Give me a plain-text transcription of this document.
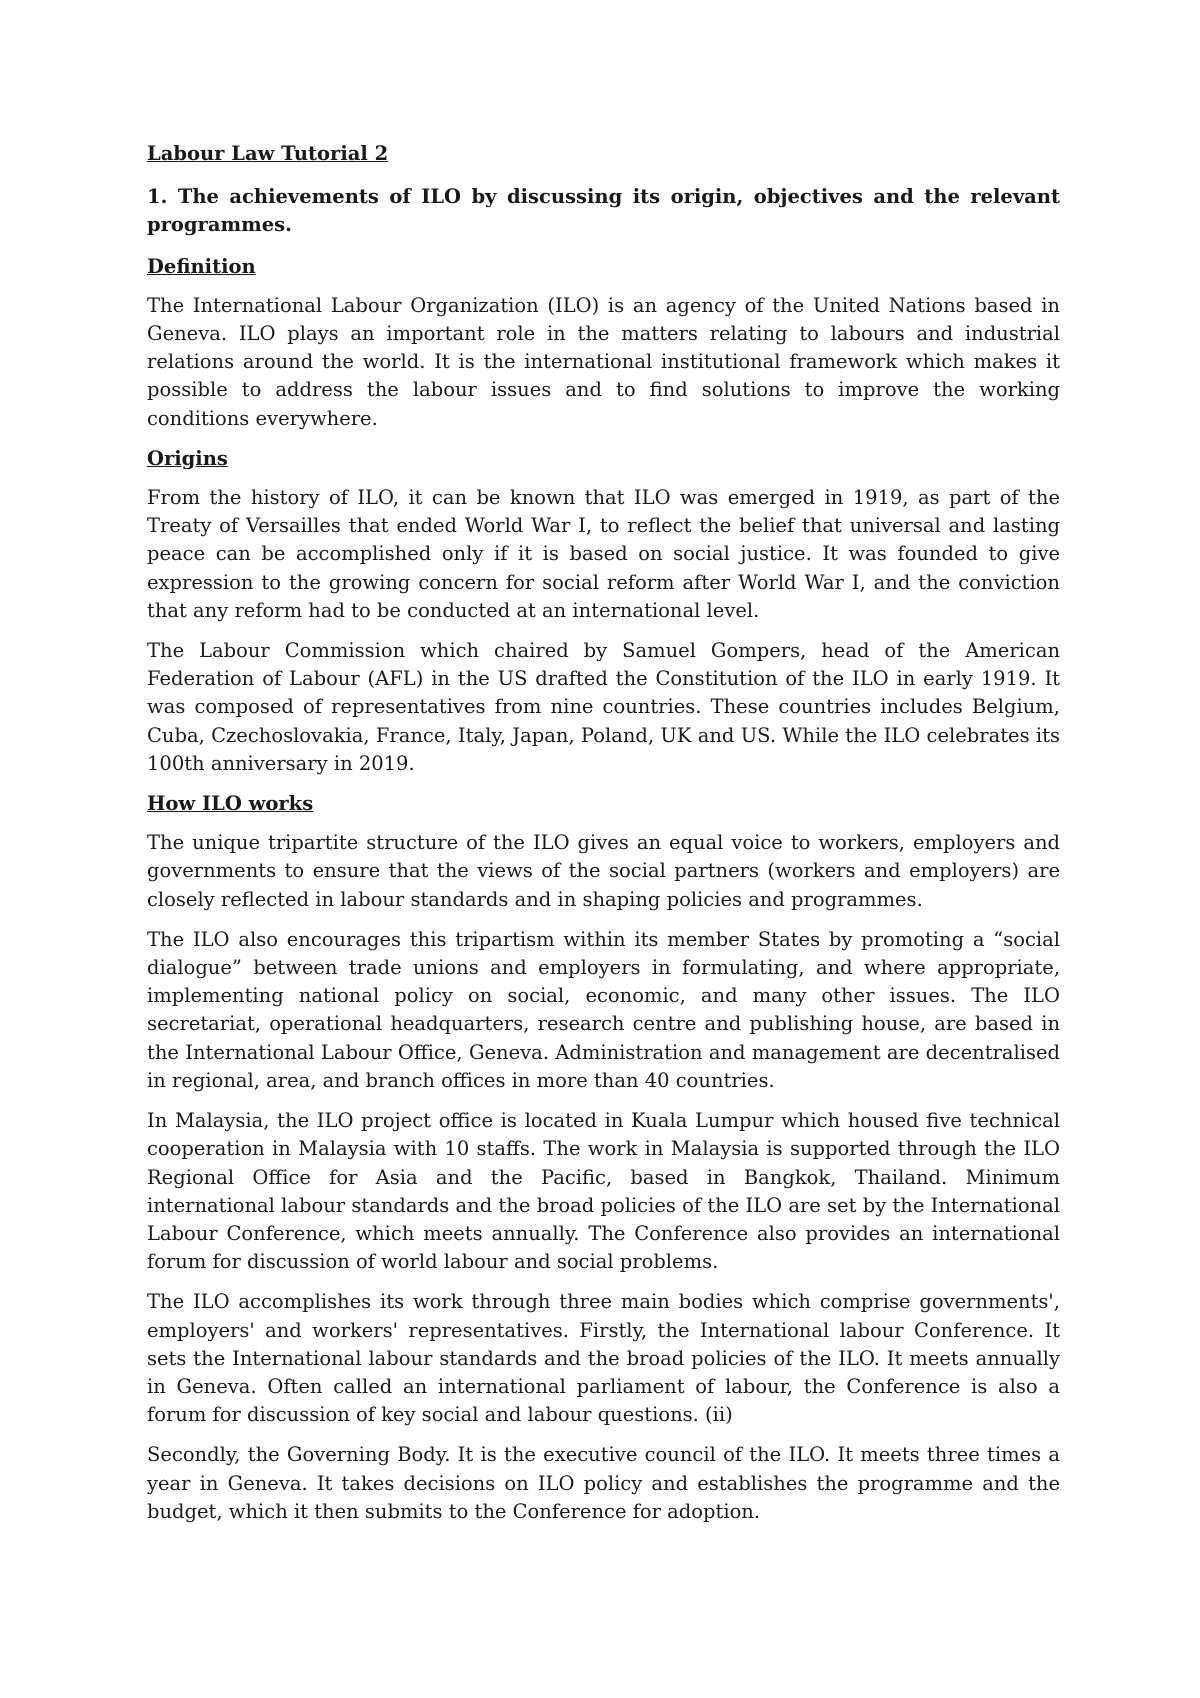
Labour Law Tutorial 2

1. The achievements of ILO by discussing its origin, objectives and the relevant programmes.

Definition

The International Labour Organization (ILO) is an agency of the United Nations based in Geneva. ILO plays an important role in the matters relating to labours and industrial relations around the world. It is the international institutional framework which makes it possible to address the labour issues and to find solutions to improve the working conditions everywhere.

Origins

From the history of ILO, it can be known that ILO was emerged in 1919, as part of the Treaty of Versailles that ended World War I, to reflect the belief that universal and lasting peace can be accomplished only if it is based on social justice. It was founded to give expression to the growing concern for social reform after World War I, and the conviction that any reform had to be conducted at an international level.

The Labour Commission which chaired by Samuel Gompers, head of the American Federation of Labour (AFL) in the US drafted the Constitution of the ILO in early 1919. It was composed of representatives from nine countries. These countries includes Belgium, Cuba, Czechoslovakia, France, Italy, Japan, Poland, UK and US. While the ILO celebrates its 100th anniversary in 2019.

How ILO works

The unique tripartite structure of the ILO gives an equal voice to workers, employers and governments to ensure that the views of the social partners (workers and employers) are closely reflected in labour standards and in shaping policies and programmes.

The ILO also encourages this tripartism within its member States by promoting a “social dialogue” between trade unions and employers in formulating, and where appropriate, implementing national policy on social, economic, and many other issues. The ILO secretariat, operational headquarters, research centre and publishing house, are based in the International Labour Office, Geneva. Administration and management are decentralised in regional, area, and branch offices in more than 40 countries.

In Malaysia, the ILO project office is located in Kuala Lumpur which housed five technical cooperation in Malaysia with 10 staffs. The work in Malaysia is supported through the ILO Regional Office for Asia and the Pacific, based in Bangkok, Thailand. Minimum international labour standards and the broad policies of the ILO are set by the International Labour Conference, which meets annually. The Conference also provides an international forum for discussion of world labour and social problems.

The ILO accomplishes its work through three main bodies which comprise governments', employers' and workers' representatives. Firstly, the International labour Conference. It sets the International labour standards and the broad policies of the ILO. It meets annually in Geneva. Often called an international parliament of labour, the Conference is also a forum for discussion of key social and labour questions. (ii)

Secondly, the Governing Body. It is the executive council of the ILO. It meets three times a year in Geneva. It takes decisions on ILO policy and establishes the programme and the budget, which it then submits to the Conference for adoption.
